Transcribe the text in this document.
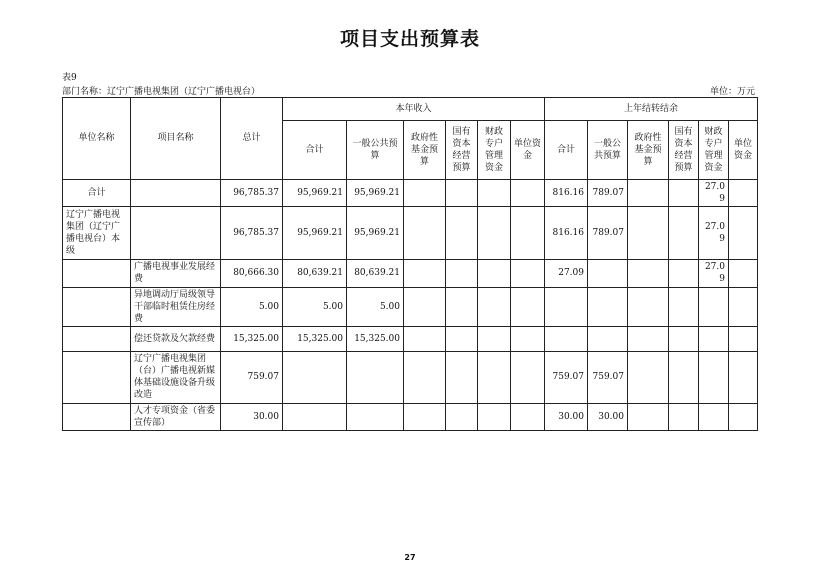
项目支出预算表
表9
部门名称：辽宁广播电视集团（辽宁广播电视台）	单位：万元
单位名称	项目名称	总计	本年收入						上年结转结余					
			合计	一般公共预算	政府性基金预算	国有资本经营预算	财政专户管理资金	单位资金	合计	一般公共预算	政府性基金预算	国有资本经营预算	财政专户管理资金	单位资金
合计		96,785.37	95,969.21	95,969.21					816.16	789.07			27.09	
辽宁广播电视集团（辽宁广播电视台）本级		96,785.37	95,969.21	95,969.21					816.16	789.07			27.09	
	广播电视事业发展经费	80,666.30	80,639.21	80,639.21					27.09				27.09	
	异地调动厅局级领导干部临时租赁住房经费	5.00	5.00	5.00										
	偿还贷款及欠款经费	15,325.00	15,325.00	15,325.00										
	辽宁广播电视集团（台）广播电视新媒体基础设施设备升级改造	759.07							759.07	759.07				
	人才专项资金（省委宣传部）	30.00							30.00	30.00				
27
